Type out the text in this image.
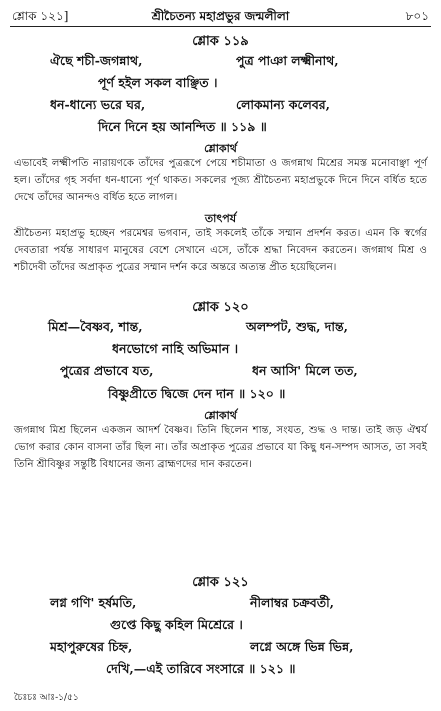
শ্লোক ১২১]	শ্রীচৈতন্য মহাপ্রভুর জন্মলীলা	৮০১
শ্লোক ১১৯
ঐছে শচী-জগন্নাথ,	পুত্র পাঞা লক্ষ্মীনাথ,
পূর্ণ হইল সকল বাঞ্ছিত ।
ধন-ধান্যে ভরে ঘর,	লোকমান্য কলেবর,
দিনে দিনে হয় আনন্দিত ॥ ১১৯ ॥
শ্লোকার্থ

এভাবেই লক্ষ্মীপতি নারায়ণকে তাঁদের পুত্ররূপে পেয়ে শচীমাতা ও জগন্নাথ মিশ্রের সমস্ত মনোবাঞ্ছা পূর্ণ হল। তাঁদের গৃহ সর্বদা ধন-ধান্যে পূর্ণ থাকত। সকলের পূজ্য শ্রীচৈতন্য মহাপ্রভুকে দিনে দিনে বর্ধিত হতে দেখে তাঁদের আনন্দও বর্ধিত হতে লাগল।

তাৎপর্য

শ্রীচৈতন্য মহাপ্রভু হচ্ছেন পরমেশ্বর ভগবান, তাই সকলেই তাঁকে সম্মান প্রদর্শন করত। এমন কি স্বর্গের দেবতারা পর্যন্ত সাধারণ মানুষের বেশে সেখানে এসে, তাঁকে শ্রদ্ধা নিবেদন করতেন। জগন্নাথ মিশ্র ও শচীদেবী তাঁদের অপ্রাকৃত পুত্রের সম্মান দর্শন করে অন্তরে অত্যন্ত প্রীত হয়েছিলেন।

শ্লোক ১২০
মিশ্র—বৈষ্ণব, শান্ত,	অলম্পট, শুদ্ধ, দান্ত,
ধনভোগে নাহি অভিমান ।
পুত্রের প্রভাবে যত,	ধন আসি' মিলে তত,
বিষ্ণুপ্রীতে দ্বিজে দেন দান ॥ ১২০ ॥
শ্লোকার্থ

জগন্নাথ মিশ্র ছিলেন একজন আদর্শ বৈষ্ণব। তিনি ছিলেন শান্ত, সংযত, শুদ্ধ ও দান্ত। তাই জড় ঐশ্বর্য ভোগ করার কোন বাসনা তাঁর ছিল না। তাঁর অপ্রাকৃত পুত্রের প্রভাবে যা কিছু ধন-সম্পদ আসত, তা সবই তিনি শ্রীবিষ্ণুর সন্তুষ্টি বিধানের জন্য ব্রাহ্মণদের দান করতেন।

শ্লোক ১২১
লগ্ন গণি' হর্ষমতি,	নীলাম্বর চক্রবর্তী,
গুপ্তে কিছু কহিল মিশ্রেরে ।
মহাপুরুষের চিহ্ন,	লগ্নে অঙ্গে ভিন্ন ভিন্ন,
দেখি,—এই তারিবে সংসারে ॥ ১২১ ॥
চৈঃচঃ আঃ-১/৫১
